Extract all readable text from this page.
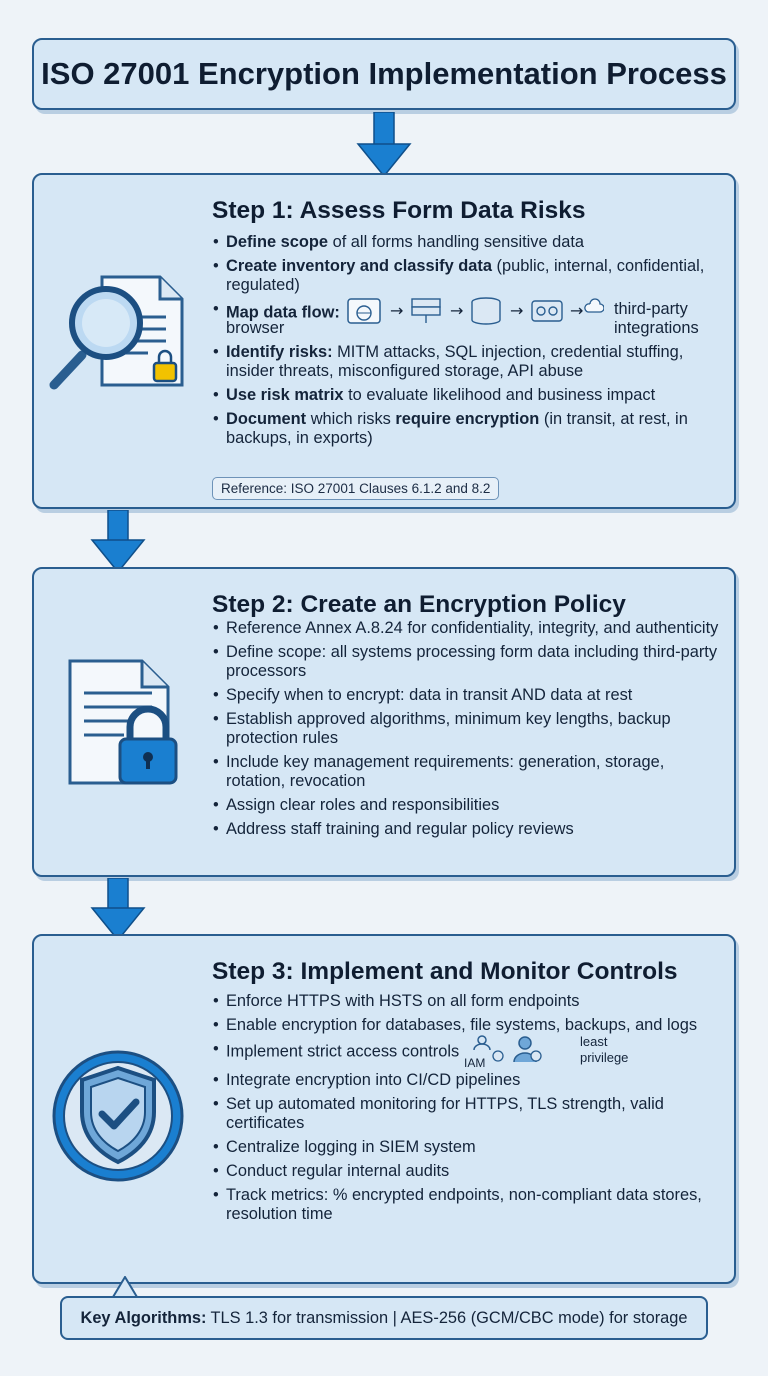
ISO 27001 Encryption Implementation Process
Step 1: Assess Form Data Risks
• Define scope of all forms handling sensitive data
• Create inventory and classify data (public, internal, confidential, regulated)
• Map data flow:	→	→	→	→ third-party integrations
browser
• Identify risks: MITM attacks, SQL injection, credential stuffing, insider threats, misconfigured storage, API abuse
• Use risk matrix to evaluate likelihood and business impact
• Document which risks require encryption (in transit, at rest, in backups, in exports)
Reference: ISO 27001 Clauses 6.1.2 and 8.2
Step 2: Create an Encryption Policy
• Reference Annex A.8.24 for confidentiality, integrity, and authenticity
• Define scope: all systems processing form data including third-party processors
• Specify when to encrypt: data in transit AND data at rest
• Establish approved algorithms, minimum key lengths, backup protection rules
• Include key management requirements: generation, storage, rotation, revocation
• Assign clear roles and responsibilities
• Address staff training and regular policy reviews
Step 3: Implement and Monitor Controls
• Enforce HTTPS with HSTS on all form endpoints
• Enable encryption for databases, file systems, backups, and logs
• Implement strict access controls
IAM
least privilege
• Integrate encryption into CI/CD pipelines
• Set up automated monitoring for HTTPS, TLS strength, valid certificates
• Centralize logging in SIEM system
• Conduct regular internal audits
• Track metrics: % encrypted endpoints, non-compliant data stores, resolution time
Key Algorithms: TLS 1.3 for transmission | AES-256 (GCM/CBC mode) for storage
